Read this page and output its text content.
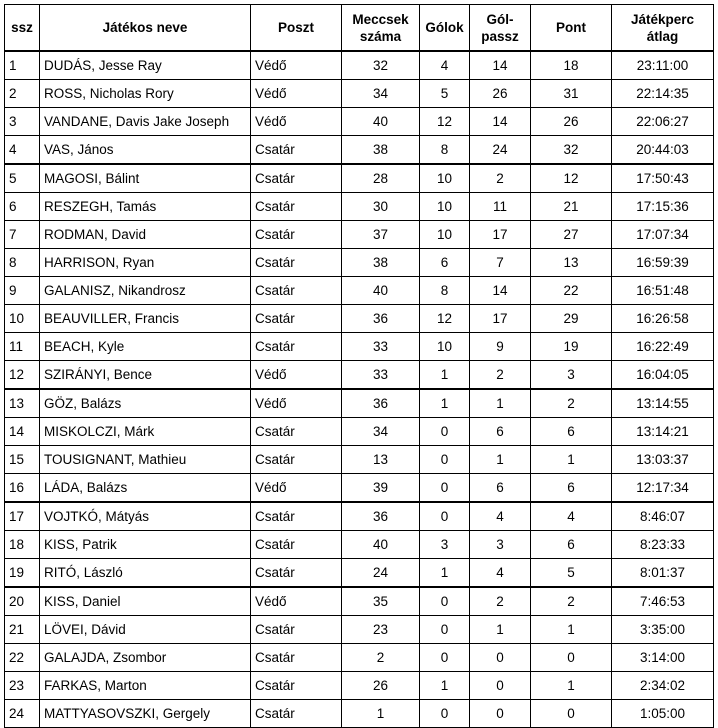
ssz	Játékos neve	Poszt	Meccsek száma	Gólok	Gól-passz	Pont	Játékperc átlag
1	DUDÁS, Jesse Ray	Védő	32	4	14	18	23:11:00
2	ROSS, Nicholas Rory	Védő	34	5	26	31	22:14:35
3	VANDANE, Davis Jake Joseph	Védő	40	12	14	26	22:06:27
4	VAS, János	Csatár	38	8	24	32	20:44:03
5	MAGOSI, Bálint	Csatár	28	10	2	12	17:50:43
6	RESZEGH, Tamás	Csatár	30	10	11	21	17:15:36
7	RODMAN, David	Csatár	37	10	17	27	17:07:34
8	HARRISON, Ryan	Csatár	38	6	7	13	16:59:39
9	GALANISZ, Nikandrosz	Csatár	40	8	14	22	16:51:48
10	BEAUVILLER, Francis	Csatár	36	12	17	29	16:26:58
11	BEACH, Kyle	Csatár	33	10	9	19	16:22:49
12	SZIRÁNYI, Bence	Védő	33	1	2	3	16:04:05
13	GÖZ, Balázs	Védő	36	1	1	2	13:14:55
14	MISKOLCZI, Márk	Csatár	34	0	6	6	13:14:21
15	TOUSIGNANT, Mathieu	Csatár	13	0	1	1	13:03:37
16	LÁDA, Balázs	Védő	39	0	6	6	12:17:34
17	VOJTKÓ, Mátyás	Csatár	36	0	4	4	8:46:07
18	KISS, Patrik	Csatár	40	3	3	6	8:23:33
19	RITÓ, László	Csatár	24	1	4	5	8:01:37
20	KISS, Daniel	Védő	35	0	2	2	7:46:53
21	LÖVEI, Dávid	Csatár	23	0	1	1	3:35:00
22	GALAJDA, Zsombor	Csatár	2	0	0	0	3:14:00
23	FARKAS, Marton	Csatár	26	1	0	1	2:34:02
24	MATTYASOVSZKI, Gergely	Csatár	1	0	0	0	1:05:00
